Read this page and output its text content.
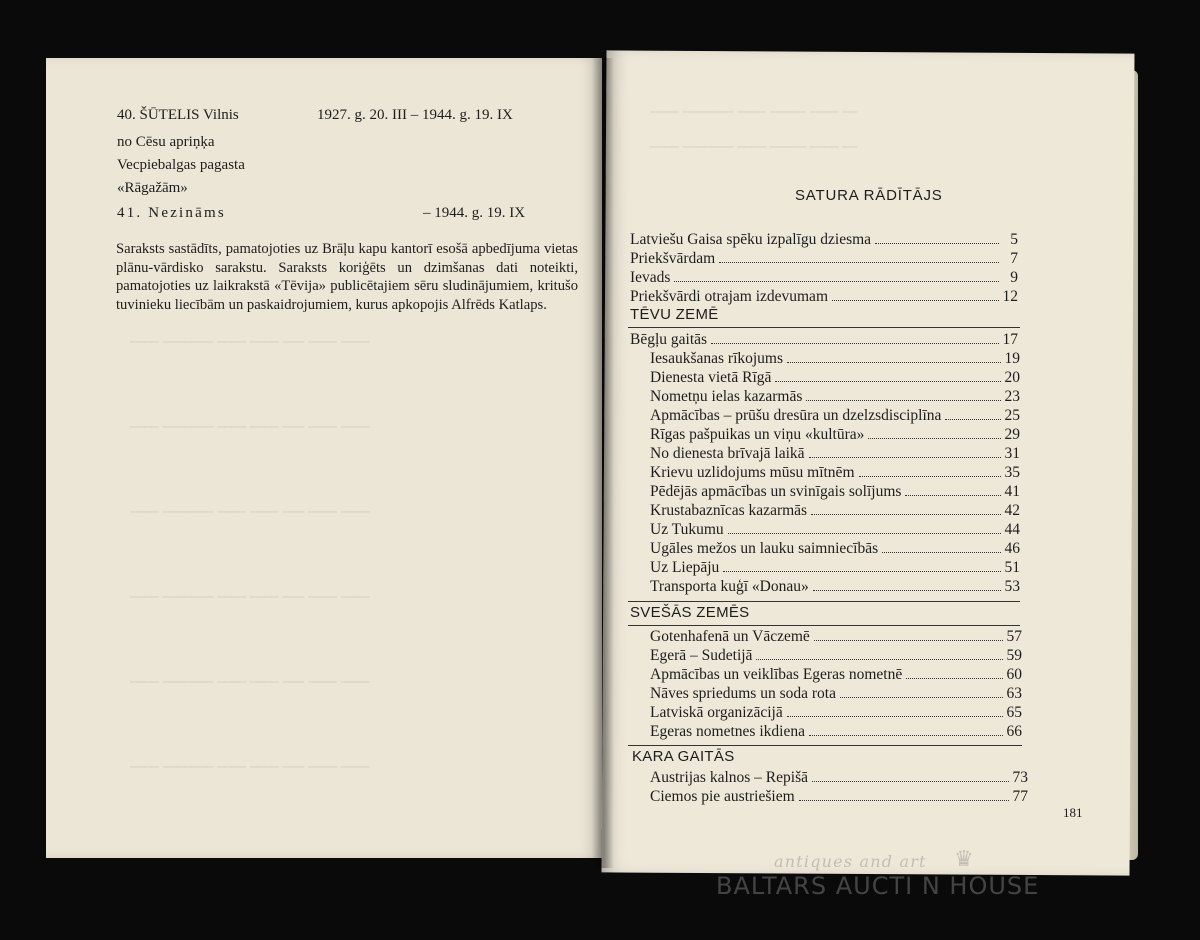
──── ─────── ──── ──── ─── ──── ────
──── ─────── ──── ──── ─── ──── ────
──── ─────── ──── ──── ─── ──── ────
──── ─────── ──── ──── ─── ──── ────
──── ─────── ──── ──── ─── ──── ────
──── ─────── ──── ──── ─── ──── ────
──── ─────── ──── ───── ──── ──
──── ─────── ──── ───── ──── ──
40. ŠŪTELIS Vilnis	1927. g. 20. III – 1944. g. 19. IX
no Cēsu apriņķa
Vecpiebalgas pagasta
«Rāgažām»
41. Nezināms	– 1944. g. 19. IX
Saraksts sastādīts, pamatojoties uz Brāļu kapu kantorī esošā apbedījuma vietas plānu-vārdisko sarakstu. Saraksts koriģēts un dzimšanas dati noteikti, pamatojoties uz laikrakstā «Tēvija» publicētajiem sēru sludinājumiem, kritušo tuvinieku liecībām un paskaidrojumiem, kurus apkopojis Alfrēds Katlaps.
SATURA RĀDĪTĀJS
Latviešu Gaisa spēku izpalīgu dziesma	5
Priekšvārdam	7
Ievads	9
Priekšvārdi otrajam izdevumam	12
TĒVU ZEMĒ
Bēgļu gaitās	17
Iesaukšanas rīkojums	19
Dienesta vietā Rīgā	20
Nometņu ielas kazarmās	23
Apmācības – prūšu dresūra un dzelzsdisciplīna	25
Rīgas pašpuikas un viņu «kultūra»	29
No dienesta brīvajā laikā	31
Krievu uzlidojums mūsu mītnēm	35
Pēdējās apmācības un svinīgais solījums	41
Krustabaznīcas kazarmās	42
Uz Tukumu	44
Ugāles mežos un lauku saimniecībās	46
Uz Liepāju	51
Transporta kuģī «Donau»	53
SVEŠĀS ZEMĒS
Gotenhafenā un Vāczemē	57
Egerā – Sudetijā	59
Apmācības un veiklības Egeras nometnē	60
Nāves spriedums un soda rota	63
Latviskā organizācijā	65
Egeras nometnes ikdiena	66
KARA GAITĀS
Austrijas kalnos – Repišā	73
Ciemos pie austriešiem	77
181
antiques and art ♛
BALTARS AUCTI N HOUSE
